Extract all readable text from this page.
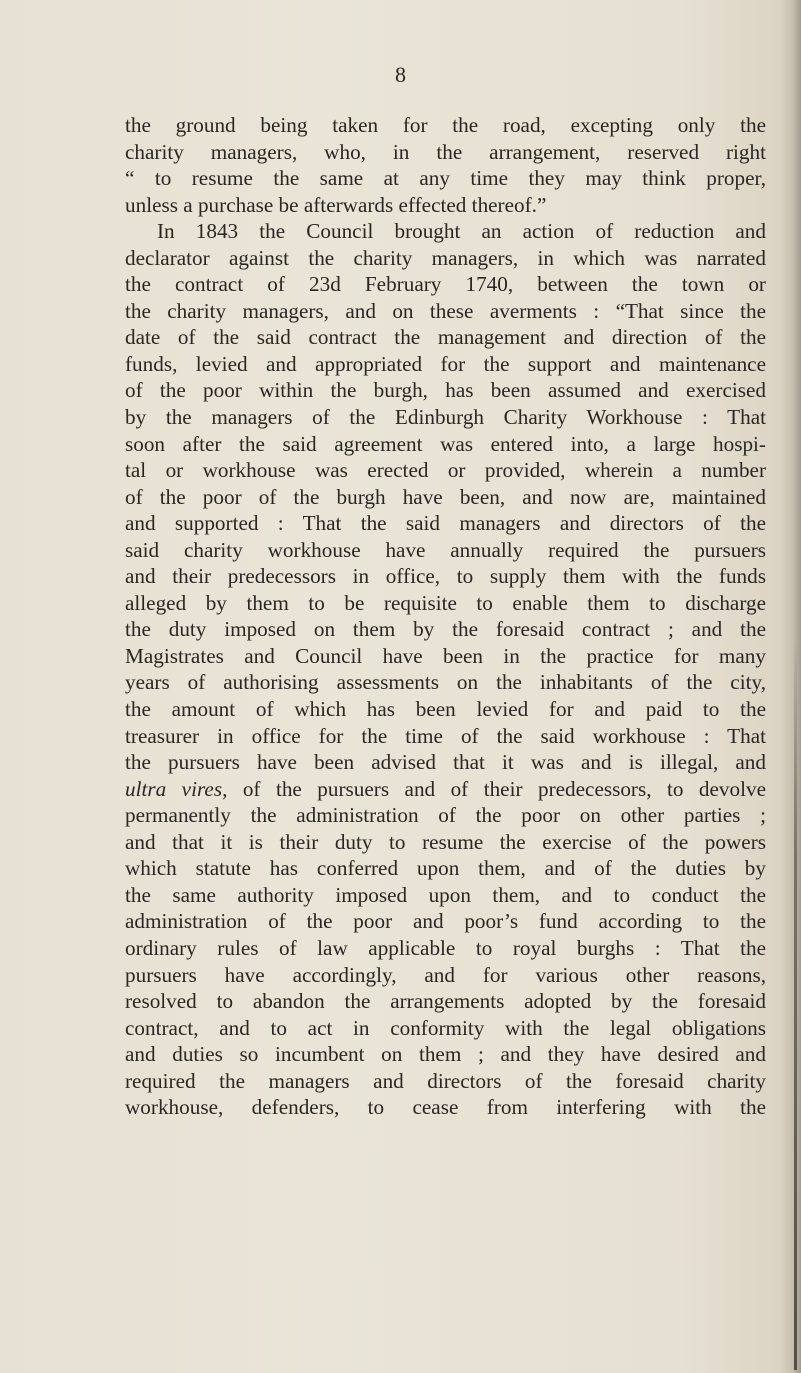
8
the ground being taken for the road, excepting only the
charity managers, who, in the arrangement, reserved right
“ to resume the same at any time they may think proper,
unless a purchase be afterwards effected thereof.”
In 1843 the Council brought an action of reduction and
declarator against the charity managers, in which was narrated
the contract of 23d February 1740, between the town or
the charity managers, and on these averments : “That since the
date of the said contract the management and direction of the
funds, levied and appropriated for the support and maintenance
of the poor within the burgh, has been assumed and exercised
by the managers of the Edinburgh Charity Workhouse : That
soon after the said agreement was entered into, a large hospi-
tal or workhouse was erected or provided, wherein a number
of the poor of the burgh have been, and now are, maintained
and supported : That the said managers and directors of the
said charity workhouse have annually required the pursuers
and their predecessors in office, to supply them with the funds
alleged by them to be requisite to enable them to discharge
the duty imposed on them by the foresaid contract ; and the
Magistrates and Council have been in the practice for many
years of authorising assessments on the inhabitants of the city,
the amount of which has been levied for and paid to the
treasurer in office for the time of the said workhouse : That
the pursuers have been advised that it was and is illegal, and
ultra vires, of the pursuers and of their predecessors, to devolve
permanently the administration of the poor on other parties ;
and that it is their duty to resume the exercise of the powers
which statute has conferred upon them, and of the duties by
the same authority imposed upon them, and to conduct the
administration of the poor and poor’s fund according to the
ordinary rules of law applicable to royal burghs : That the
pursuers have accordingly, and for various other reasons,
resolved to abandon the arrangements adopted by the foresaid
contract, and to act in conformity with the legal obligations
and duties so incumbent on them ; and they have desired and
required the managers and directors of the foresaid charity
workhouse, defenders, to cease from interfering with the
